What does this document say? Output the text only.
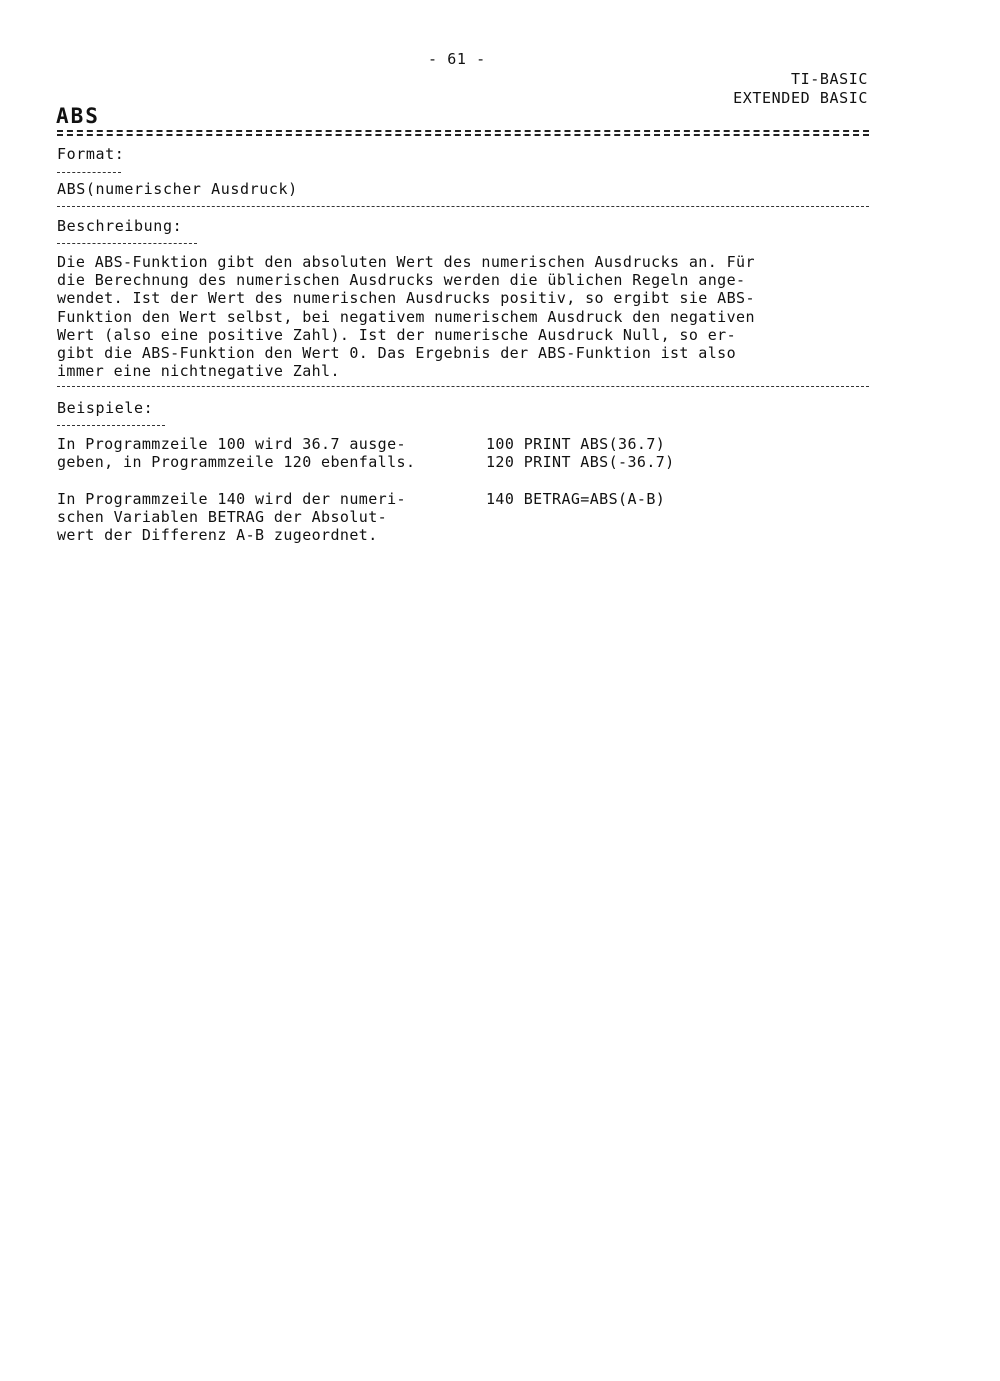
- 61 -
TI-BASIC
EXTENDED BASIC
ABS
Format:
ABS(numerischer Ausdruck)
Beschreibung:
Die ABS-Funktion gibt den absoluten Wert des numerischen Ausdrucks an. Für
die Berechnung des numerischen Ausdrucks werden die üblichen Regeln ange-
wendet. Ist der Wert des numerischen Ausdrucks positiv, so ergibt sie ABS-
Funktion den Wert selbst, bei negativem numerischem Ausdruck den negativen
Wert (also eine positive Zahl). Ist der numerische Ausdruck Null, so er-
gibt die ABS-Funktion den Wert 0. Das Ergebnis der ABS-Funktion ist also
immer eine nichtnegative Zahl.
Beispiele:
In Programmzeile 100 wird 36.7 ausge-
geben, in Programmzeile 120 ebenfalls.
100 PRINT ABS(36.7)
120 PRINT ABS(-36.7)
In Programmzeile 140 wird der numeri-
schen Variablen BETRAG der Absolut-
wert der Differenz A-B zugeordnet.
140 BETRAG=ABS(A-B)
